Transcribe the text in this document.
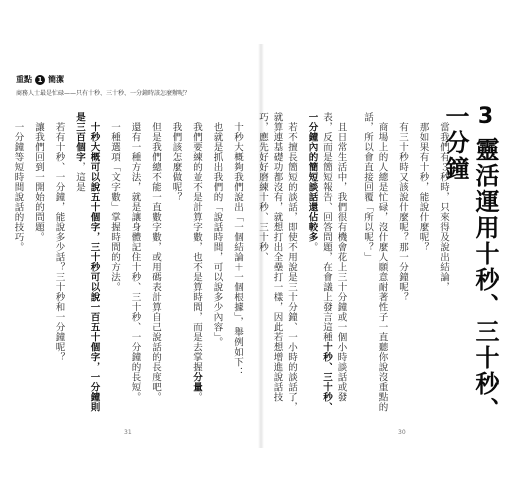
重點 1 簡潔
商務人士最是忙碌——只有十秒、三十秒、一分鐘時該怎麼辦呢？

十秒大概夠我們說出「一個結論＋一個根據」，舉例如下：

也就是抓出我們的「說話時間，可以說多少內容」。

我們要練的並不是計算字數，也不是算時間，而是去掌握分量。

我們該怎麼做呢？

但是我們總不能一直數字數，或用碼表計算自己說話的長度吧。

還有一種方法，就是讓身體記住十秒、三十秒、一分鐘的長短。

一種選項「文字數」掌握時間的方法。

十秒大概可以說五十個字，三十秒可以說一百五十個字，一分鐘則是三百個字，這是

若有十秒、一分鐘，能說多少話？三十秒和一分鐘呢？

讓我們回到一開始的問題。

一分鐘等短時間說話的技巧。

31
3靈活運用十秒、三十秒、一分鐘

當我們有３秒時，只來得及說出結論，

那如果有十秒，能說什麼呢？

有三十秒時又該說什麼呢？那一分鐘呢？

商場上的人總是忙碌，沒什麼人願意耐著性子一直聽你說沒重點的話，所以會直接回覆「所以呢？」

且日常生活中，我們很有機會花上三十分鐘或一個小時談話或發表，反而是簡短報告、回答問題，在會議上發言這種十秒、三十秒、一分鐘內的簡短談話還佔較多。

若不擅長簡短的談話，即使不用說是三十分鐘、一小時的談話了，就算連基礎功都沒有，就想打出全壘打一樣，因此若想增進說話技巧，應先好好磨練十秒、三十秒、

30
